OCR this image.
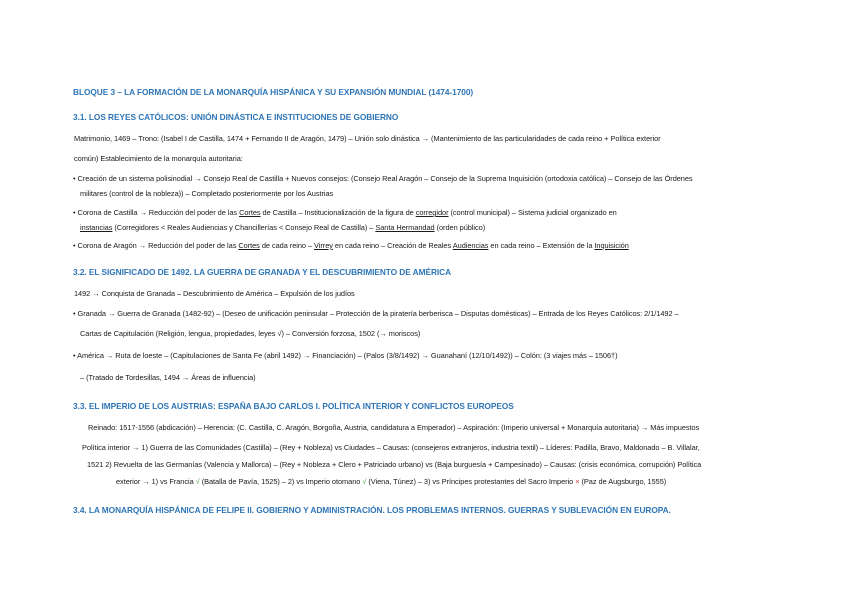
BLOQUE 3 – LA FORMACIÓN DE LA MONARQUÍA HISPÁNICA Y SU EXPANSIÓN MUNDIAL (1474-1700)
3.1. LOS REYES CATÓLICOS: UNIÓN DINÁSTICA E INSTITUCIONES DE GOBIERNO
Matrimonio, 1469 – Trono: (Isabel I de Castilla, 1474 + Fernando II de Aragón, 1479) – Unión solo dinástica → (Mantenimiento de las particularidades de cada reino + Política exterior
común) Establecimiento de la monarquía autoritaria:
• Creación de un sistema polisinodial → Consejo Real de Castilla + Nuevos consejos: (Consejo Real Aragón – Consejo de la Suprema Inquisición (ortodoxia católica) – Consejo de las Órdenes
militares (control de la nobleza)) – Completado posteriormente por los Austrias
• Corona de Castilla → Reducción del poder de las Cortes de Castilla – Institucionalización de la figura de corregidor (control municipal) – Sistema judicial organizado en
instancias (Corregidores < Reales Audiencias y Chancillerías < Consejo Real de Castilla) – Santa Hermandad (orden público)
• Corona de Aragón → Reducción del poder de las Cortes de cada reino – Virrey en cada reino – Creación de Reales Audiencias en cada reino – Extensión de la Inquisición
3.2. EL SIGNIFICADO DE 1492. LA GUERRA DE GRANADA Y EL DESCUBRIMIENTO DE AMÉRICA
1492 → Conquista de Granada – Descubrimiento de América – Expulsión de los judíos
• Granada → Guerra de Granada (1482-92) – (Deseo de unificación peninsular – Protección de la piratería berberisca – Disputas domésticas) – Entrada de los Reyes Católicos: 2/1/1492 –
Cartas de Capitulación (Religión, lengua, propiedades, leyes √) – Conversión forzosa, 1502 (→ moriscos)
• América → Ruta de loeste – (Capitulaciones de Santa Fe (abril 1492) → Financiación) – (Palos (3/8/1492) → Guanahaní (12/10/1492)) – Colón: (3 viajes más – 1506†)
– (Tratado de Tordesillas, 1494 → Áreas de influencia)
3.3. EL IMPERIO DE LOS AUSTRIAS: ESPAÑA BAJO CARLOS I. POLÍTICA INTERIOR Y CONFLICTOS EUROPEOS
Reinado: 1517-1556 (abdicación) – Herencia: (C. Castilla, C. Aragón, Borgoña, Austria, candidatura a Emperador) – Aspiración: (Imperio universal + Monarquía autoritaria) → Más impuestos
Política interior → 1) Guerra de las Comunidades (Castilla) – (Rey + Nobleza) vs Ciudades – Causas: (consejeros extranjeros, industria textil) – Líderes: Padilla, Bravo, Maldonado – B. Villalar,
1521 2) Revuelta de las Germanías (Valencia y Mallorca) – (Rey + Nobleza + Clero + Patriciado urbano) vs (Baja burguesía + Campesinado) – Causas: (crisis económica, corrupción) Política
exterior → 1) vs Francia √ (Batalla de Pavía, 1525) – 2) vs Imperio otomano √ (Viena, Túnez) – 3) vs Príncipes protestantes del Sacro Imperio × (Paz de Augsburgo, 1555)
3.4. LA MONARQUÍA HISPÁNICA DE FELIPE II. GOBIERNO Y ADMINISTRACIÓN. LOS PROBLEMAS INTERNOS. GUERRAS Y SUBLEVACIÓN EN EUROPA.
